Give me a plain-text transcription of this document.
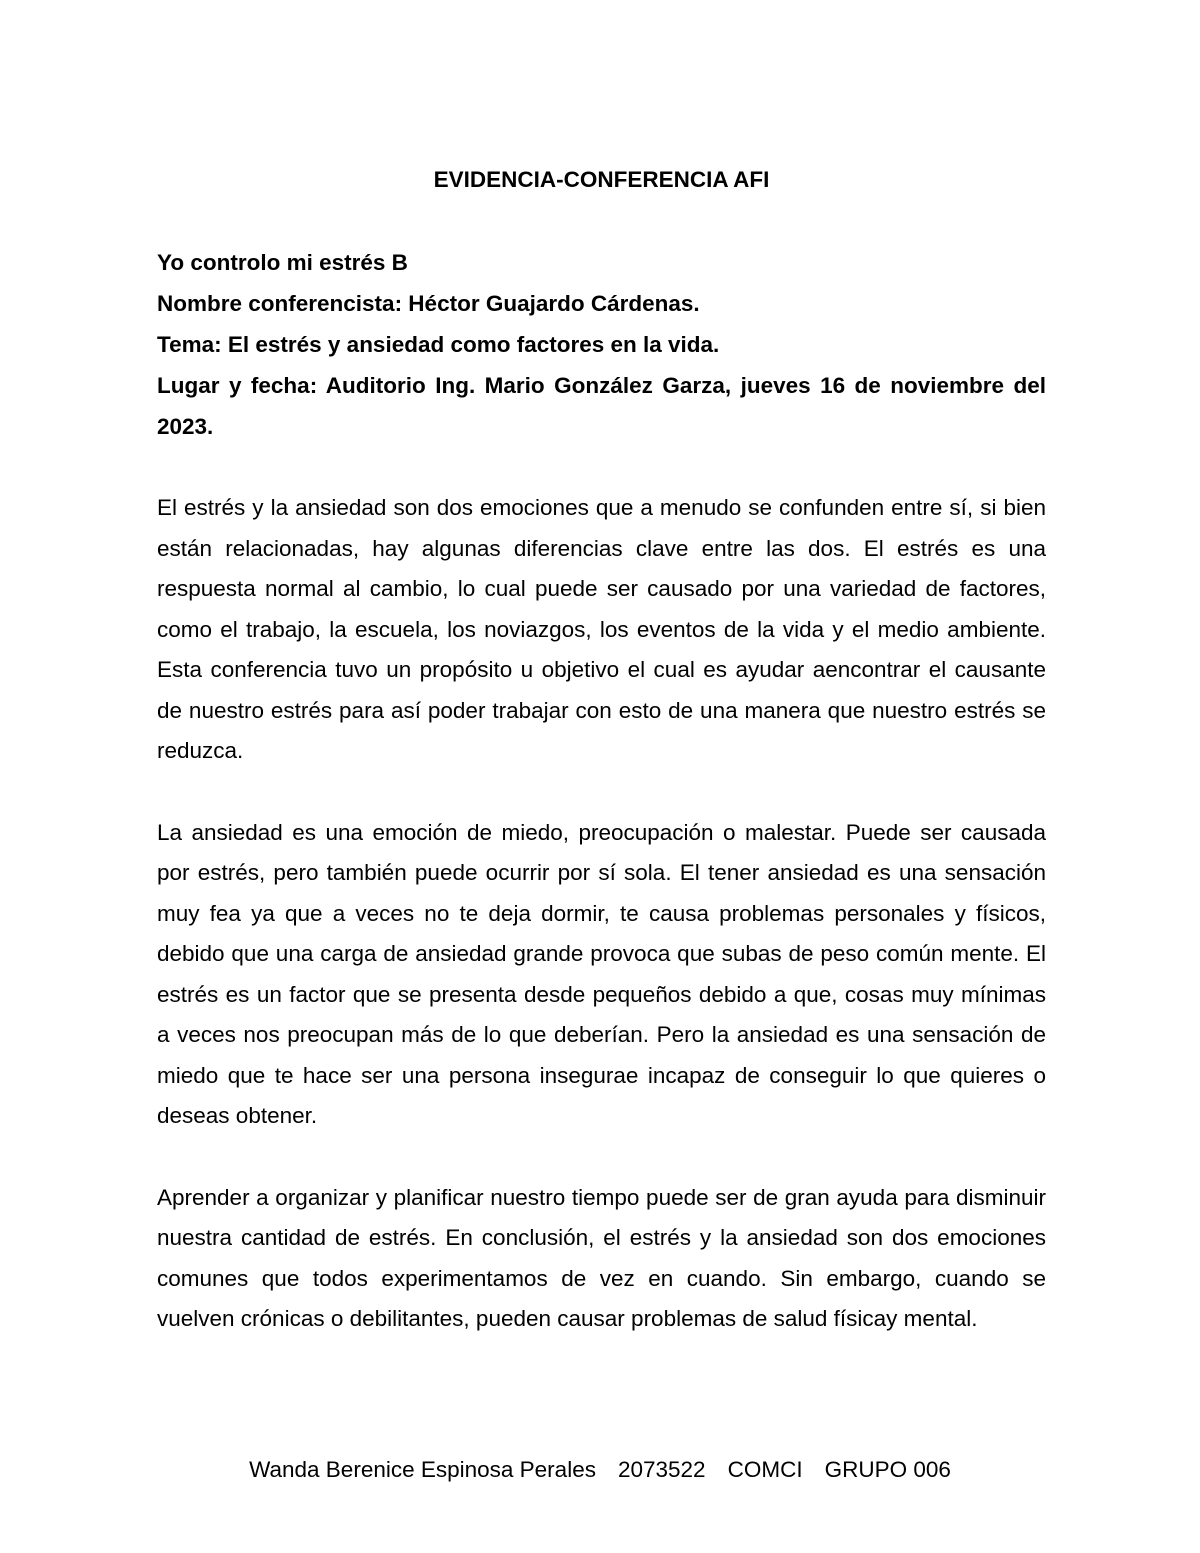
EVIDENCIA-CONFERENCIA AFI

Yo controlo mi estrés B

Nombre conferencista: Héctor Guajardo Cárdenas.

Tema: El estrés y ansiedad como factores en la vida.

Lugar y fecha: Auditorio Ing. Mario González Garza, jueves 16 de noviembre del 2023.

El estrés y la ansiedad son dos emociones que a menudo se confunden entre sí, si bien están relacionadas, hay algunas diferencias clave entre las dos. El estrés es una respuesta normal al cambio, lo cual puede ser causado por una variedad de factores, como el trabajo, la escuela, los noviazgos, los eventos de la vida y el medio ambiente. Esta conferencia tuvo un propósito u objetivo el cual es ayudar aencontrar el causante de nuestro estrés para así poder trabajar con esto de una manera que nuestro estrés se reduzca.

La ansiedad es una emoción de miedo, preocupación o malestar. Puede ser causada por estrés, pero también puede ocurrir por sí sola. El tener ansiedad es una sensación muy fea ya que a veces no te deja dormir, te causa problemas personales y físicos, debido que una carga de ansiedad grande provoca que subas de peso común mente. El estrés es un factor que se presenta desde pequeños debido a que, cosas muy mínimas a veces nos preocupan más de lo que deberían. Pero la ansiedad es una sensación de miedo que te hace ser una persona insegurae incapaz de conseguir lo que quieres o deseas obtener.

Aprender a organizar y planificar nuestro tiempo puede ser de gran ayuda para disminuir nuestra cantidad de estrés. En conclusión, el estrés y la ansiedad son dos emociones comunes que todos experimentamos de vez en cuando. Sin embargo, cuando se vuelven crónicas o debilitantes, pueden causar problemas de salud físicay mental.

Wanda Berenice Espinosa Perales 2073522 COMCI GRUPO 006
